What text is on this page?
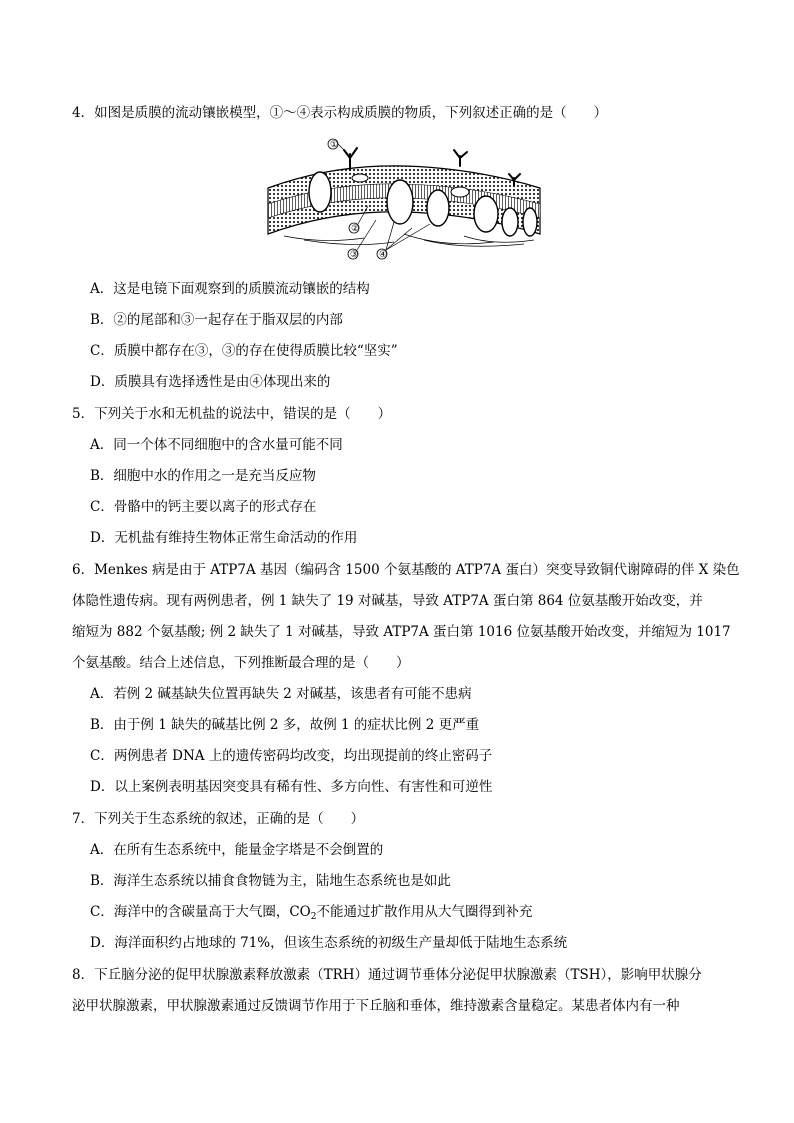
4．如图是质膜的流动镶嵌模型，①～④表示构成质膜的物质，下列叙述正确的是（　　）
①
②
③ ④
A．这是电镜下面观察到的质膜流动镶嵌的结构
B．②的尾部和③一起存在于脂双层的内部
C．质膜中都存在③，③的存在使得质膜比较“坚实”
D．质膜具有选择透性是由④体现出来的
5．下列关于水和无机盐的说法中，错误的是（　　）
A．同一个体不同细胞中的含水量可能不同
B．细胞中水的作用之一是充当反应物
C．骨骼中的钙主要以离子的形式存在
D．无机盐有维持生物体正常生命活动的作用
6．Menkes 病是由于 ATP7A 基因（编码含 1500 个氨基酸的 ATP7A 蛋白）突变导致铜代谢障碍的伴 X 染色
体隐性遗传病。现有两例患者，例 1 缺失了 19 对碱基，导致 ATP7A 蛋白第 864 位氨基酸开始改变，并
缩短为 882 个氨基酸; 例 2 缺失了 1 对碱基，导致 ATP7A 蛋白第 1016 位氨基酸开始改变，并缩短为 1017
个氨基酸。结合上述信息，下列推断最合理的是（　　）
A．若例 2 碱基缺失位置再缺失 2 对碱基，该患者有可能不患病
B．由于例 1 缺失的碱基比例 2 多，故例 1 的症状比例 2 更严重
C．两例患者 DNA 上的遗传密码均改变，均出现提前的终止密码子
D．以上案例表明基因突变具有稀有性、多方向性、有害性和可逆性
7．下列关于生态系统的叙述，正确的是（　　）
A．在所有生态系统中，能量金字塔是不会倒置的
B．海洋生态系统以捕食食物链为主，陆地生态系统也是如此
C．海洋中的含碳量高于大气圈，$CO_2$不能通过扩散作用从大气圈得到补充
D．海洋面积约占地球的 71%，但该生态系统的初级生产量却低于陆地生态系统
8．下丘脑分泌的促甲状腺激素释放激素（TRH）通过调节垂体分泌促甲状腺激素（TSH），影响甲状腺分
泌甲状腺激素，甲状腺激素通过反馈调节作用于下丘脑和垂体，维持激素含量稳定。某患者体内有一种
